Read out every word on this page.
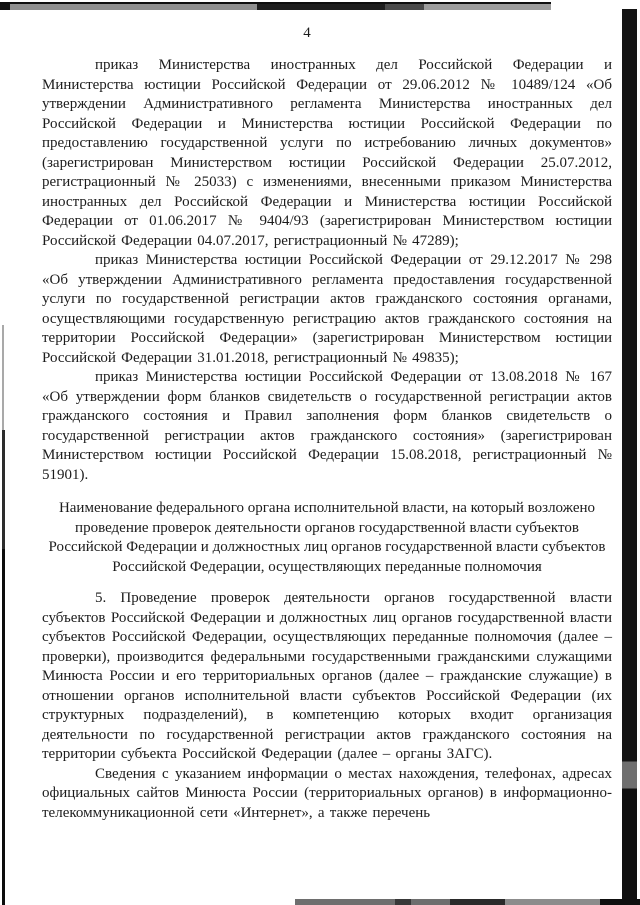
4

приказ Министерства иностранных дел Российской Федерации и Министерства юстиции Российской Федерации от 29.06.2012 № 10489/124 «Об утверждении Административного регламента Министерства иностранных дел Российской Федерации и Министерства юстиции Российской Федерации по предоставлению государственной услуги по истребованию личных документов» (зарегистрирован Министерством юстиции Российской Федерации 25.07.2012, регистрационный № 25033) с изменениями, внесенными приказом Министерства иностранных дел Российской Федерации и Министерства юстиции Российской Федерации от 01.06.2017 № 9404/93 (зарегистрирован Министерством юстиции Российской Федерации 04.07.2017, регистрационный № 47289);

приказ Министерства юстиции Российской Федерации от 29.12.2017 № 298 «Об утверждении Административного регламента предоставления государственной услуги по государственной регистрации актов гражданского состояния органами, осуществляющими государственную регистрацию актов гражданского состояния на территории Российской Федерации» (зарегистрирован Министерством юстиции Российской Федерации 31.01.2018, регистрационный № 49835);

приказ Министерства юстиции Российской Федерации от 13.08.2018 № 167 «Об утверждении форм бланков свидетельств о государственной регистрации актов гражданского состояния и Правил заполнения форм бланков свидетельств о государственной регистрации актов гражданского состояния» (зарегистрирован Министерством юстиции Российской Федерации 15.08.2018, регистрационный № 51901).

Наименование федерального органа исполнительной власти, на который возложено проведение проверок деятельности органов государственной власти субъектов Российской Федерации и должностных лиц органов государственной власти субъектов Российской Федерации, осуществляющих переданные полномочия

5. Проведение проверок деятельности органов государственной власти субъектов Российской Федерации и должностных лиц органов государственной власти субъектов Российской Федерации, осуществляющих переданные полномочия (далее – проверки), производится федеральными государственными гражданскими служащими Минюста России и его территориальных органов (далее – гражданские служащие) в отношении органов исполнительной власти субъектов Российской Федерации (их структурных подразделений), в компетенцию которых входит организация деятельности по государственной регистрации актов гражданского состояния на территории субъекта Российской Федерации (далее – органы ЗАГС).

Сведения с указанием информации о местах нахождения, телефонах, адресах официальных сайтов Минюста России (территориальных органов) в информационно-телекоммуникационной сети «Интернет», а также перечень
